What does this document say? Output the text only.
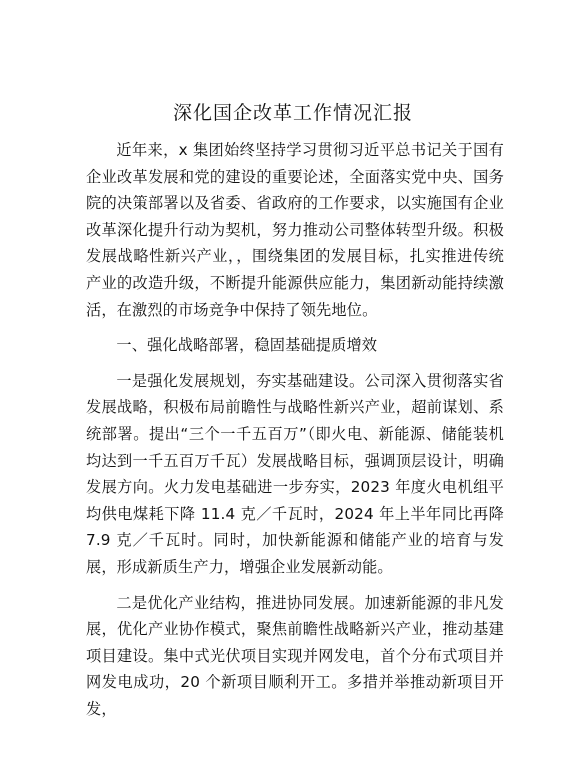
深化国企改革工作情况汇报

近年来，x 集团始终坚持学习贯彻习近平总书记关于国有企业改革发展和党的建设的重要论述，全面落实党中央、国务院的决策部署以及省委、省政府的工作要求，以实施国有企业改革深化提升行动为契机，努力推动公司整体转型升级。积极发展战略性新兴产业，，围绕集团的发展目标，扎实推进传统产业的改造升级，不断提升能源供应能力，集团新动能持续激活，在激烈的市场竞争中保持了领先地位。

一、强化战略部署，稳固基础提质增效

一是强化发展规划，夯实基础建设。公司深入贯彻落实省发展战略，积极布局前瞻性与战略性新兴产业，超前谋划、系统部署。提出“三个一千五百万”（即火电、新能源、储能装机均达到一千五百万千瓦）发展战略目标，强调顶层设计，明确发展方向。火力发电基础进一步夯实，2023 年度火电机组平均供电煤耗下降 11.4 克／千瓦时，2024 年上半年同比再降 7.9 克／千瓦时。同时，加快新能源和储能产业的培育与发展，形成新质生产力，增强企业发展新动能。

二是优化产业结构，推进协同发展。加速新能源的非凡发展，优化产业协作模式，聚焦前瞻性战略新兴产业，推动基建项目建设。集中式光伏项目实现并网发电，首个分布式项目并网发电成功，20 个新项目顺利开工。多措并举推动新项目开发，
